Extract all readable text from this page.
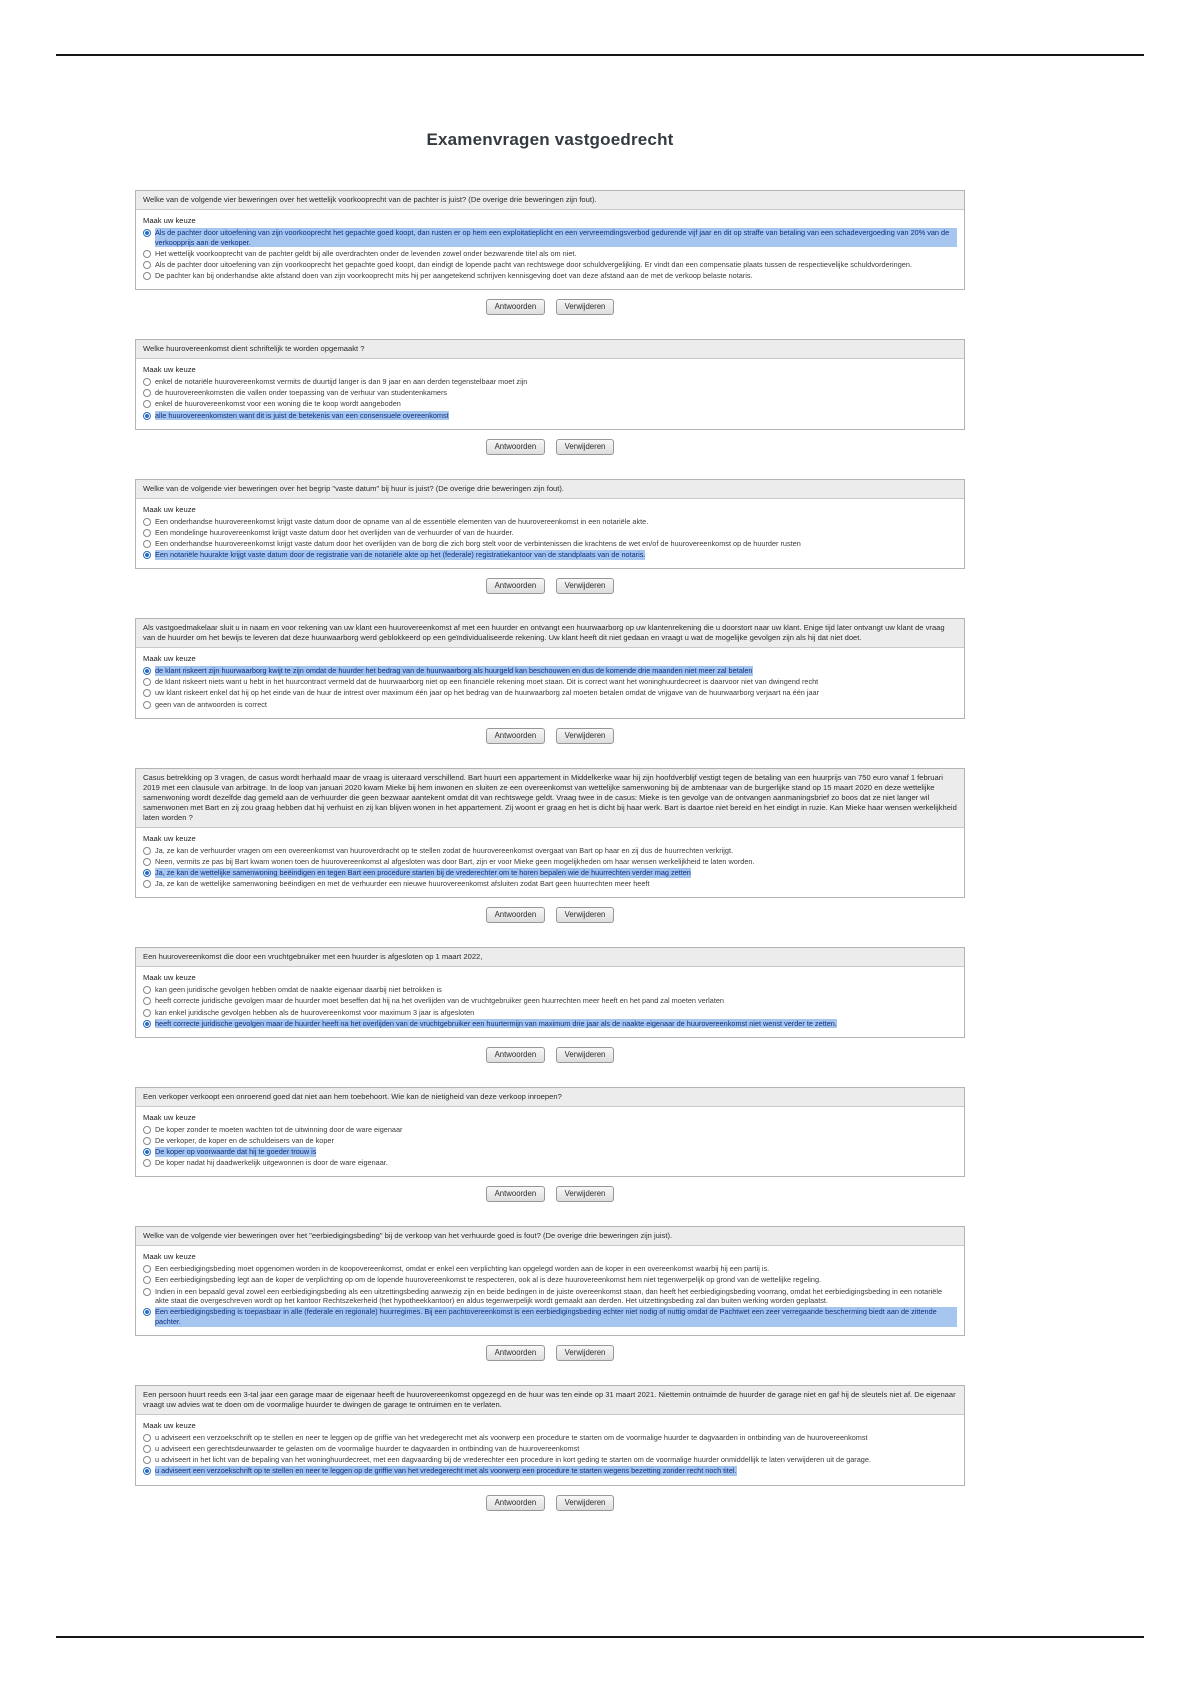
Examenvragen vastgoedrecht
Welke van de volgende vier beweringen over het wettelijk voorkooprecht van de pachter is juist? (De overige drie beweringen zijn fout).
Maak uw keuze
Als de pachter door uitoefening van zijn voorkooprecht het gepachte goed koopt, dan rusten er op hem een exploitatieplicht en een vervreemdingsverbod gedurende vijf jaar en dit op straffe van betaling van een schadevergoeding van 20% van de verkoopprijs aan de verkoper.
Het wettelijk voorkooprecht van de pachter geldt bij alle overdrachten onder de levenden zowel onder bezwarende titel als om niet.
Als de pachter door uitoefening van zijn voorkooprecht het gepachte goed koopt, dan eindigt de lopende pacht van rechtswege door schuldvergelijking. Er vindt dan een compensatie plaats tussen de respectievelijke schuldvorderingen.
De pachter kan bij onderhandse akte afstand doen van zijn voorkooprecht mits hij per aangetekend schrijven kennisgeving doet van deze afstand aan de met de verkoop belaste notaris.
Antwoorden	Verwijderen
Welke huurovereenkomst dient schriftelijk te worden opgemaakt ?
Maak uw keuze
enkel de notariële huurovereenkomst vermits de duurtijd langer is dan 9 jaar en aan derden tegenstelbaar moet zijn
de huurovereenkomsten die vallen onder toepassing van de verhuur van studentenkamers
enkel de huurovereenkomst voor een woning die te koop wordt aangeboden
alle huurovereenkomsten want dit is juist de betekenis van een consensuele overeenkomst
Antwoorden	Verwijderen
Welke van de volgende vier beweringen over het begrip "vaste datum" bij huur is juist? (De overige drie beweringen zijn fout).
Maak uw keuze
Een onderhandse huurovereenkomst krijgt vaste datum door de opname van al de essentiële elementen van de huurovereenkomst in een notariële akte.
Een mondelinge huurovereenkomst krijgt vaste datum door het overlijden van de verhuurder of van de huurder.
Een onderhandse huurovereenkomst krijgt vaste datum door het overlijden van de borg die zich borg stelt voor de verbintenissen die krachtens de wet en/of de huurovereenkomst op de huurder rusten
Een notariële huurakte krijgt vaste datum door de registratie van de notariële akte op het (federale) registratiekantoor van de standplaats van de notaris.
Antwoorden	Verwijderen
Als vastgoedmakelaar sluit u in naam en voor rekening van uw klant een huurovereenkomst af met een huurder en ontvangt een huurwaarborg op uw klantenrekening die u doorstort naar uw klant. Enige tijd later ontvangt uw klant de vraag van de huurder om het bewijs te leveren dat deze huurwaarborg werd geblokkeerd op een geïndividualiseerde rekening. Uw klant heeft dit niet gedaan en vraagt u wat de mogelijke gevolgen zijn als hij dat niet doet.
Maak uw keuze
de klant riskeert zijn huurwaarborg kwijt te zijn omdat de huurder het bedrag van de huurwaarborg als huurgeld kan beschouwen en dus de komende drie maanden niet meer zal betalen
de klant riskeert niets want u hebt in het huurcontract vermeld dat de huurwaarborg niet op een financiële rekening moet staan. Dit is correct want het woninghuurdecreet is daarvoor niet van dwingend recht
uw klant riskeert enkel dat hij op het einde van de huur de intrest over maximum één jaar op het bedrag van de huurwaarborg zal moeten betalen omdat de vrijgave van de huurwaarborg verjaart na één jaar
geen van de antwoorden is correct
Antwoorden	Verwijderen
Casus betrekking op 3 vragen, de casus wordt herhaald maar de vraag is uiteraard verschillend. Bart huurt een appartement in Middelkerke waar hij zijn hoofdverblijf vestigt tegen de betaling van een huurprijs van 750 euro vanaf 1 februari 2019 met een clausule van arbitrage. In de loop van januari 2020 kwam Mieke bij hem inwonen en sluiten ze een overeenkomst van wettelijke samenwoning bij de ambtenaar van de burgerlijke stand op 15 maart 2020 en deze wettelijke samenwoning wordt dezelfde dag gemeld aan de verhuurder die geen bezwaar aantekent omdat dit van rechtswege geldt. Vraag twee in de casus: Mieke is ten gevolge van de ontvangen aanmaningsbrief zo boos dat ze niet langer wil samenwonen met Bart en zij zou graag hebben dat hij verhuist en zij kan blijven wonen in het appartement. Zij woont er graag en het is dicht bij haar werk. Bart is daartoe niet bereid en het eindigt in ruzie. Kan Mieke haar wensen werkelijkheid laten worden ?
Maak uw keuze
Ja, ze kan de verhuurder vragen om een overeenkomst van huuroverdracht op te stellen zodat de huurovereenkomst overgaat van Bart op haar en zij dus de huurrechten verkrijgt.
Neen, vermits ze pas bij Bart kwam wonen toen de huurovereenkomst al afgesloten was door Bart, zijn er voor Mieke geen mogelijkheden om haar wensen werkelijkheid te laten worden.
Ja, ze kan de wettelijke samenwoning beëindigen en tegen Bart een procedure starten bij de vrederechter om te horen bepalen wie de huurrechten verder mag zetten
Ja, ze kan de wettelijke samenwoning beëindigen en met de verhuurder een nieuwe huurovereenkomst afsluiten zodat Bart geen huurrechten meer heeft
Antwoorden	Verwijderen
Een huurovereenkomst die door een vruchtgebruiker met een huurder is afgesloten op 1 maart 2022,
Maak uw keuze
kan geen juridische gevolgen hebben omdat de naakte eigenaar daarbij niet betrokken is
heeft correcte juridische gevolgen maar de huurder moet beseffen dat hij na het overlijden van de vruchtgebruiker geen huurrechten meer heeft en het pand zal moeten verlaten
kan enkel juridische gevolgen hebben als de huurovereenkomst voor maximum 3 jaar is afgesloten
heeft correcte juridische gevolgen maar de huurder heeft na het overlijden van de vruchtgebruiker een huurtermijn van maximum drie jaar als de naakte eigenaar de huurovereenkomst niet wenst verder te zetten.
Antwoorden	Verwijderen
Een verkoper verkoopt een onroerend goed dat niet aan hem toebehoort. Wie kan de nietigheid van deze verkoop inroepen?
Maak uw keuze
De koper zonder te moeten wachten tot de uitwinning door de ware eigenaar
De verkoper, de koper en de schuldeisers van de koper
De koper op voorwaarde dat hij te goeder trouw is
De koper nadat hij daadwerkelijk uitgewonnen is door de ware eigenaar.
Antwoorden	Verwijderen
Welke van de volgende vier beweringen over het "eerbiedigingsbeding" bij de verkoop van het verhuurde goed is fout? (De overige drie beweringen zijn juist).
Maak uw keuze
Een eerbiedigingsbeding moet opgenomen worden in de koopovereenkomst, omdat er enkel een verplichting kan opgelegd worden aan de koper in een overeenkomst waarbij hij een partij is.
Een eerbiedigingsbeding legt aan de koper de verplichting op om de lopende huurovereenkomst te respecteren, ook al is deze huurovereenkomst hem niet tegenwerpelijk op grond van de wettelijke regeling.
Indien in een bepaald geval zowel een eerbiedigingsbeding als een uitzettingsbeding aanwezig zijn en beide bedingen in de juiste overeenkomst staan, dan heeft het eerbiedigingsbeding voorrang, omdat het eerbiedigingsbeding in een notariële akte staat die overgeschreven wordt op het kantoor Rechtszekerheid (het hypotheekkantoor) en aldus tegenwerpelijk wordt gemaakt aan derden. Het uitzettingsbeding zal dan buiten werking worden geplaatst.
Een eerbiedigingsbeding is toepasbaar in alle (federale en regionale) huurregimes. Bij een pachtovereenkomst is een eerbiedigingsbeding echter niet nodig of nuttig omdat de Pachtwet een zeer verregaande bescherming biedt aan de zittende pachter.
Antwoorden	Verwijderen
Een persoon huurt reeds een 3-tal jaar een garage maar de eigenaar heeft de huurovereenkomst opgezegd en de huur was ten einde op 31 maart 2021. Niettemin ontruimde de huurder de garage niet en gaf hij de sleutels niet af. De eigenaar vraagt uw advies wat te doen om de voormalige huurder te dwingen de garage te ontruimen en te verlaten.
Maak uw keuze
u adviseert een verzoekschrift op te stellen en neer te leggen op de griffie van het vredegerecht met als voorwerp een procedure te starten om de voormalige huurder te dagvaarden in ontbinding van de huurovereenkomst
u adviseert een gerechtsdeurwaarder te gelasten om de voormalige huurder te dagvaarden in ontbinding van de huurovereenkomst
u adviseert in het licht van de bepaling van het woninghuurdecreet, met een dagvaarding bij de vrederechter een procedure in kort geding te starten om de voormalige huurder onmiddellijk te laten verwijderen uit de garage.
u adviseert een verzoekschrift op te stellen en neer te leggen op de griffie van het vredegerecht met als voorwerp een procedure te starten wegens bezetting zonder recht noch titel.
Antwoorden	Verwijderen
